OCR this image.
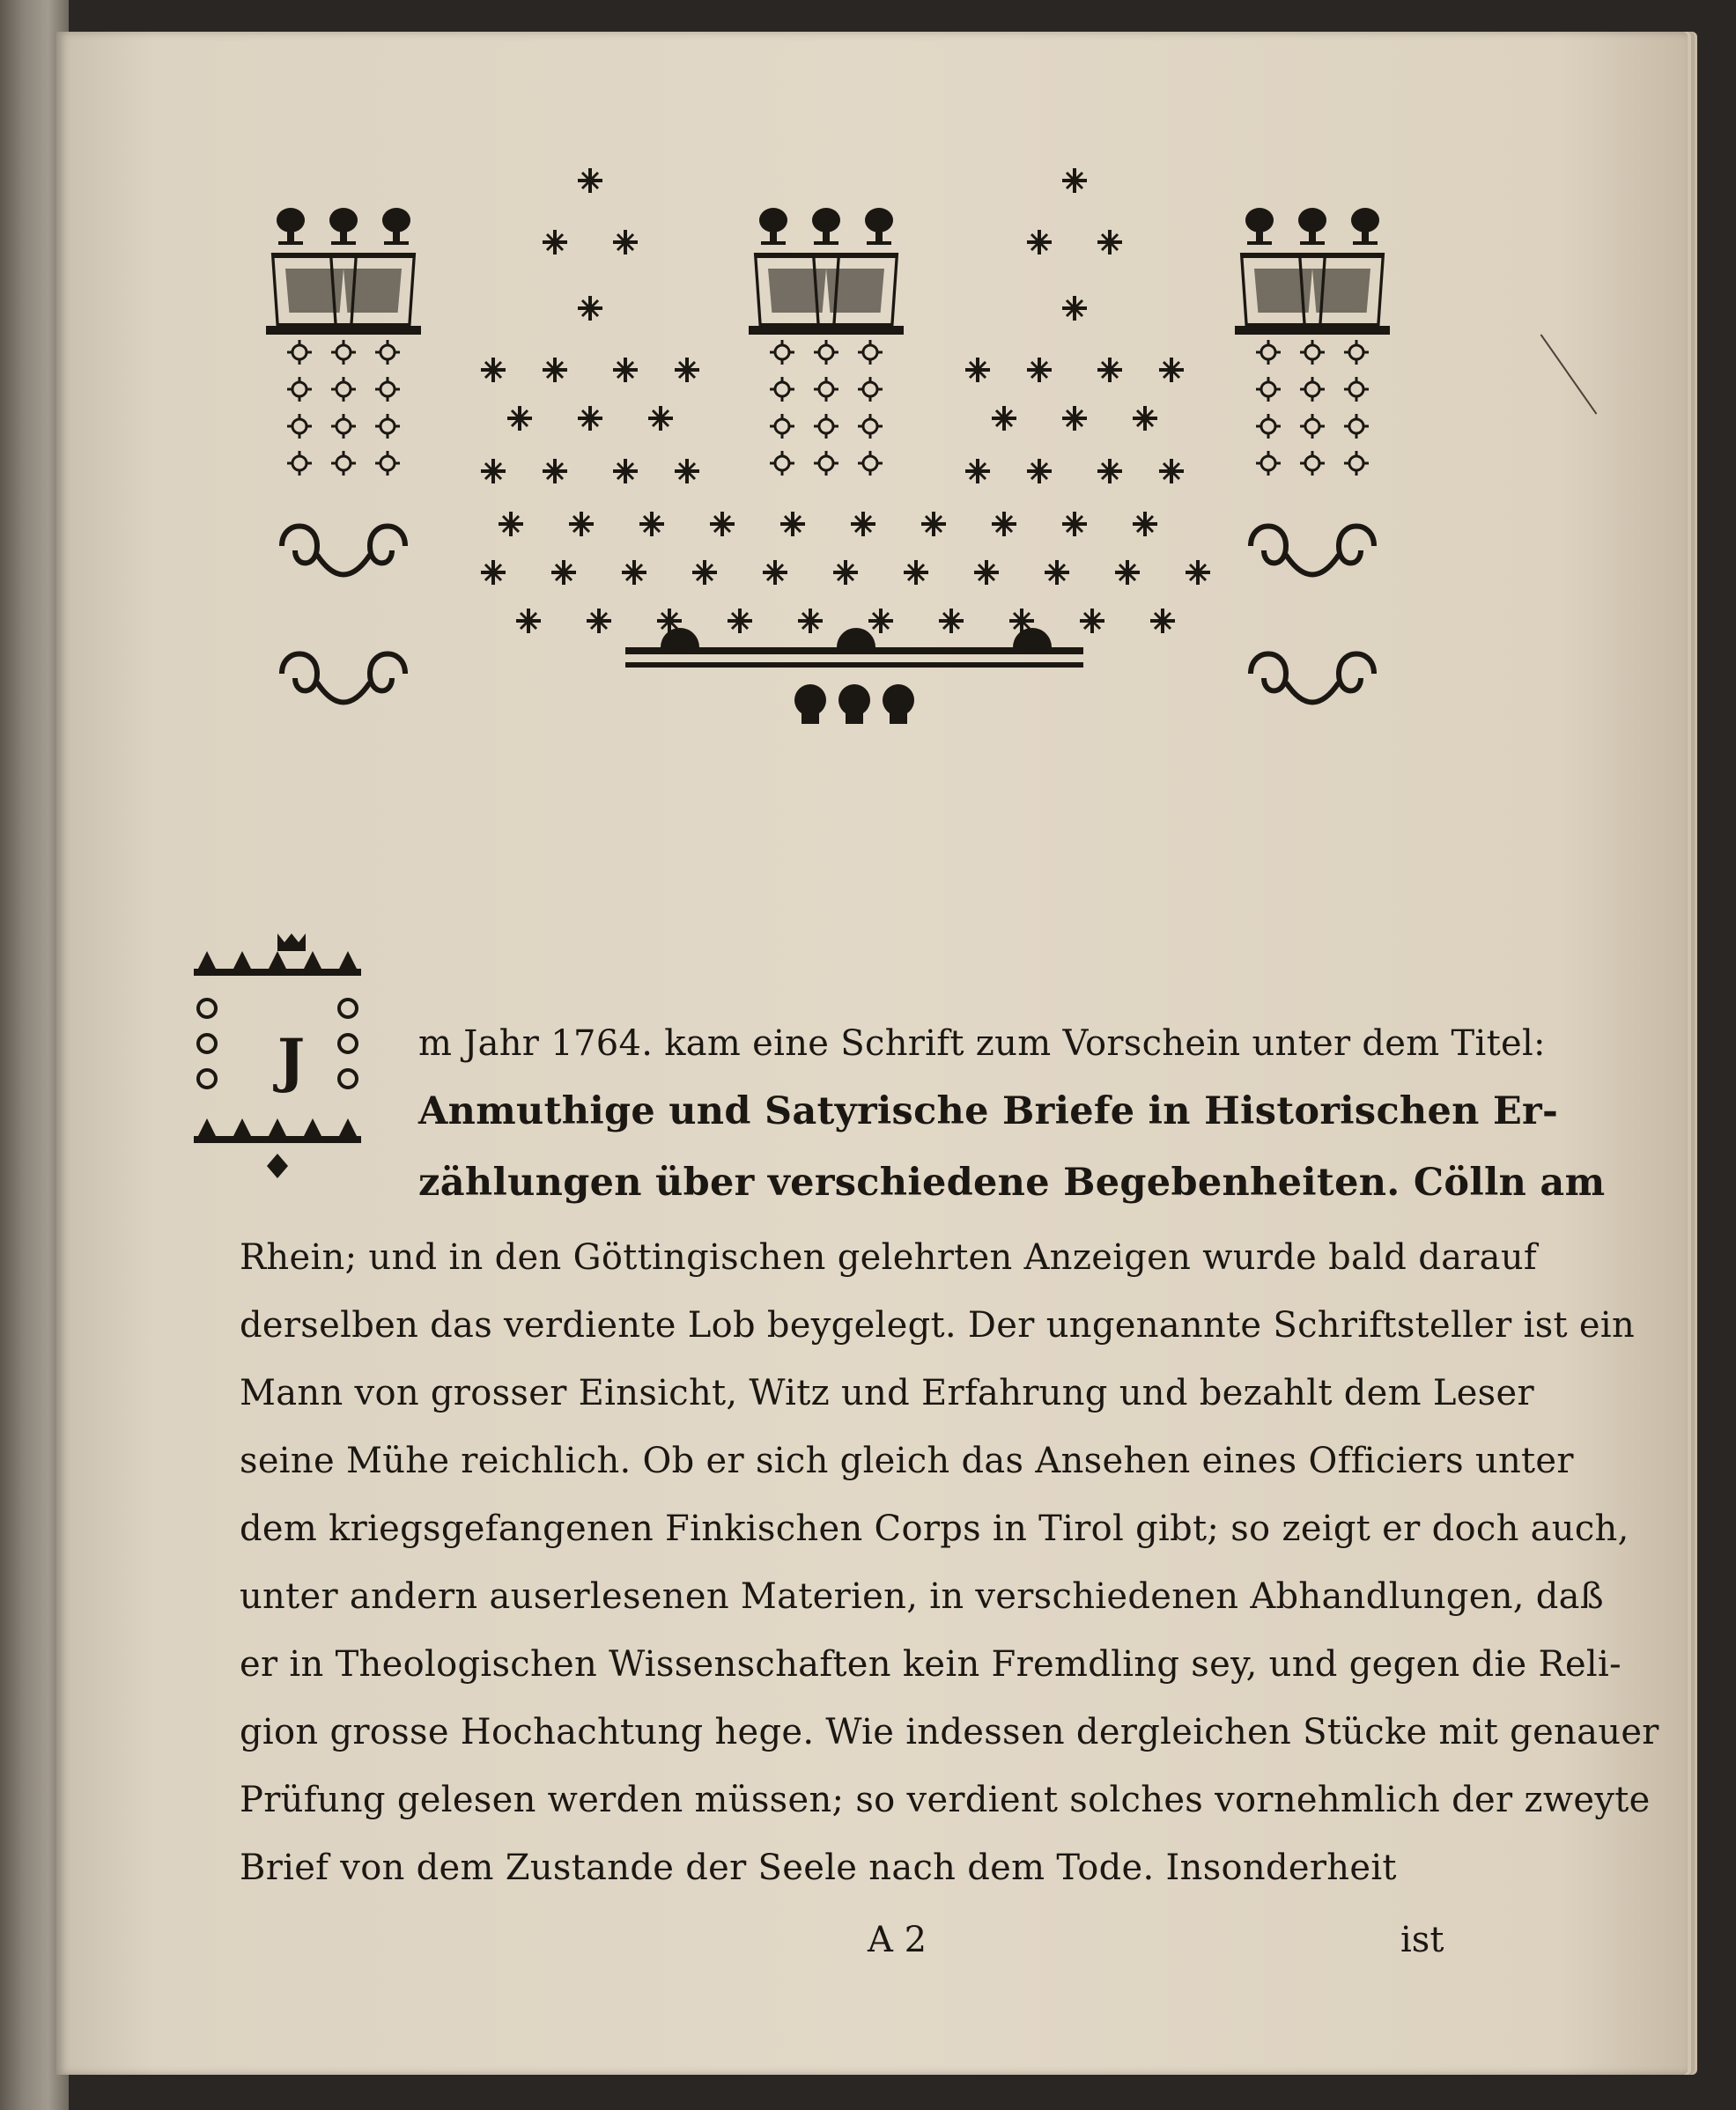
J	m Jahr 1764. kam eine Schrift zum Vorschein unter dem Titel:
Anmuthige und Satyrische Briefe in Historischen Er-
zählungen über verschiedene Begebenheiten. Cölln am
Rhein; und in den Göttingischen gelehrten Anzeigen wurde bald darauf
derselben das verdiente Lob beygelegt. Der ungenannte Schriftsteller ist ein
Mann von grosser Einsicht, Witz und Erfahrung und bezahlt dem Leser
seine Mühe reichlich. Ob er sich gleich das Ansehen eines Officiers unter
dem kriegsgefangenen Finkischen Corps in Tirol gibt; so zeigt er doch auch,
unter andern auserlesenen Materien, in verschiedenen Abhandlungen, daß
er in Theologischen Wissenschaften kein Fremdling sey, und gegen die Reli-
gion grosse Hochachtung hege. Wie indessen dergleichen Stücke mit genauer
Prüfung gelesen werden müssen; so verdient solches vornehmlich der zweyte
Brief von dem Zustande der Seele nach dem Tode. Insonderheit
A 2	ist
